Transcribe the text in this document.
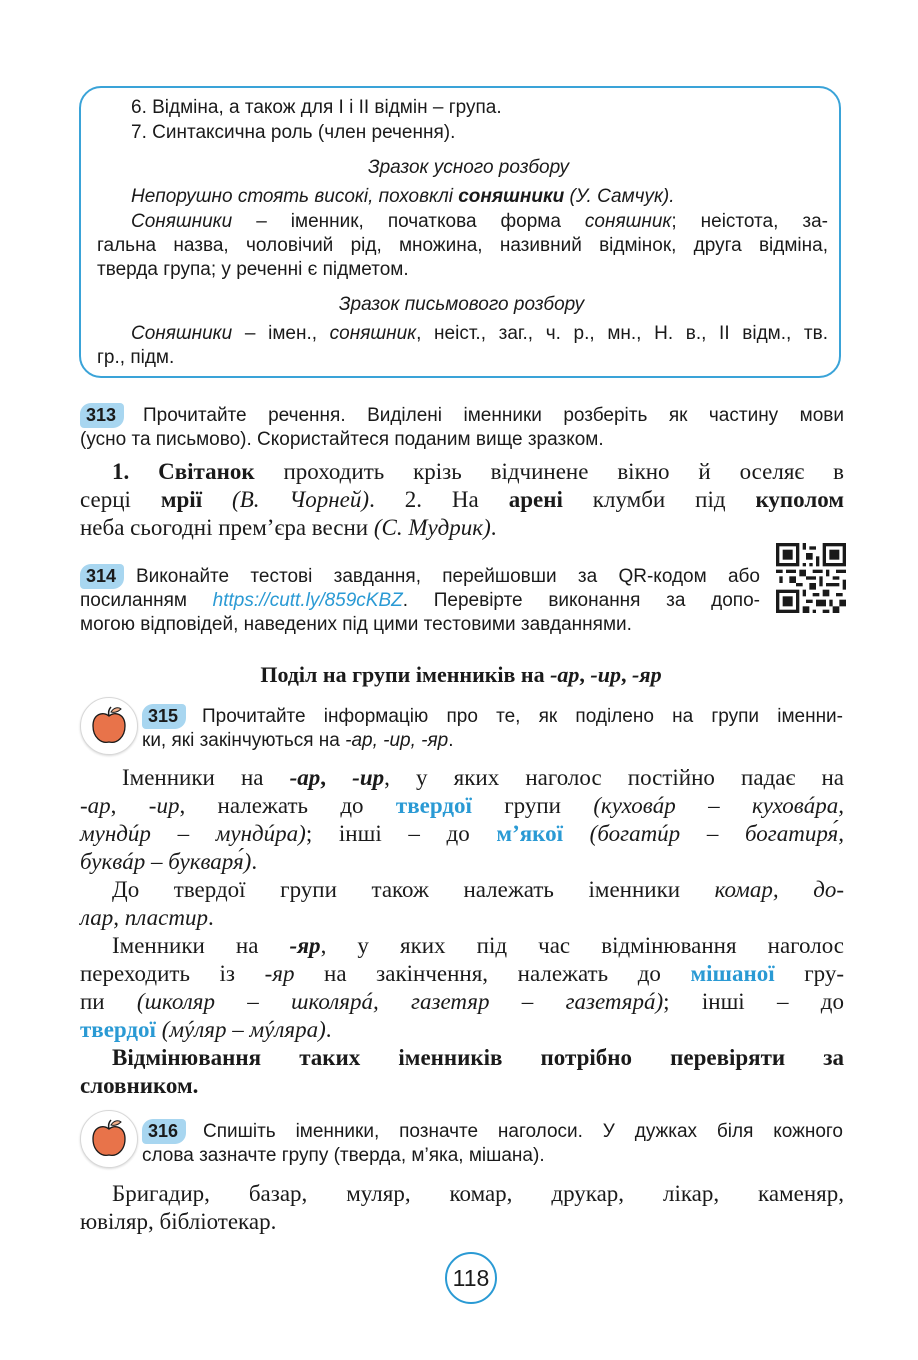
6. Відміна, а також для І і ІІ відмін – група.
7. Синтаксична роль (член речення).
Зразок усного розбору
Непорушно стоять високі, поховклі соняшники (У. Самчук).
Соняшники – іменник, початкова форма соняшник; неістота, за-
гальна назва, чоловічий рід, множина, називний відмінок, друга відміна,
тверда група; у реченні є підметом.
Зразок письмового розбору
Соняшники – імен., соняшник, неіст., заг., ч. р., мн., Н. в., ІІ відм., тв.
гр., підм.
313	Прочитайте речення. Виділені іменники розберіть як частину мови
(усно та письмово). Скористайтеся поданим вище зразком.
1. Світанок проходить крізь відчинене вікно й оселяє в
серці мрії (В. Чорней). 2. На арені клумби під куполом
неба сьогодні прем’єра весни (С. Мудрик).
314	Виконайте тестові завдання, перейшовши за QR-кодом або
посиланням https://cutt.ly/859cKBZ. Перевірте виконання за допо-
могою відповідей, наведених під цими тестовими завданнями.
Поділ на групи іменників на -ар, -ир, -яр
315	Прочитайте інформацію про те, як поділено на групи іменни-
ки, які закінчуються на -ар, -ир, -яр.
Іменники на -ар, -ир, у яких наголос постійно падає на
-ар, -ир, належать до твердої групи (куховáр – куховáра,
мундúр – мундúра); інші – до м’якої (богатúр – богатиря́,
буквáр – букваря́).
До твердої групи також належать іменники комар, до-
лар, пластир.
Іменники на -яр, у яких під час відмінювання наголос
переходить із -яр на закінчення, належать до мішаної гру-
пи (школяр – школярá, газетяр – газетярá); інші – до
твердої (мýляр – мýляра).
Відмінювання таких іменників потрібно перевіряти за
словником.
316	Спишіть іменники, позначте наголоси. У дужках біля кожного
слова зазначте групу (тверда, м’яка, мішана).
Бригадир, базар, муляр, комар, друкар, лікар, каменяр,
ювіляр, бібліотекар.
118
